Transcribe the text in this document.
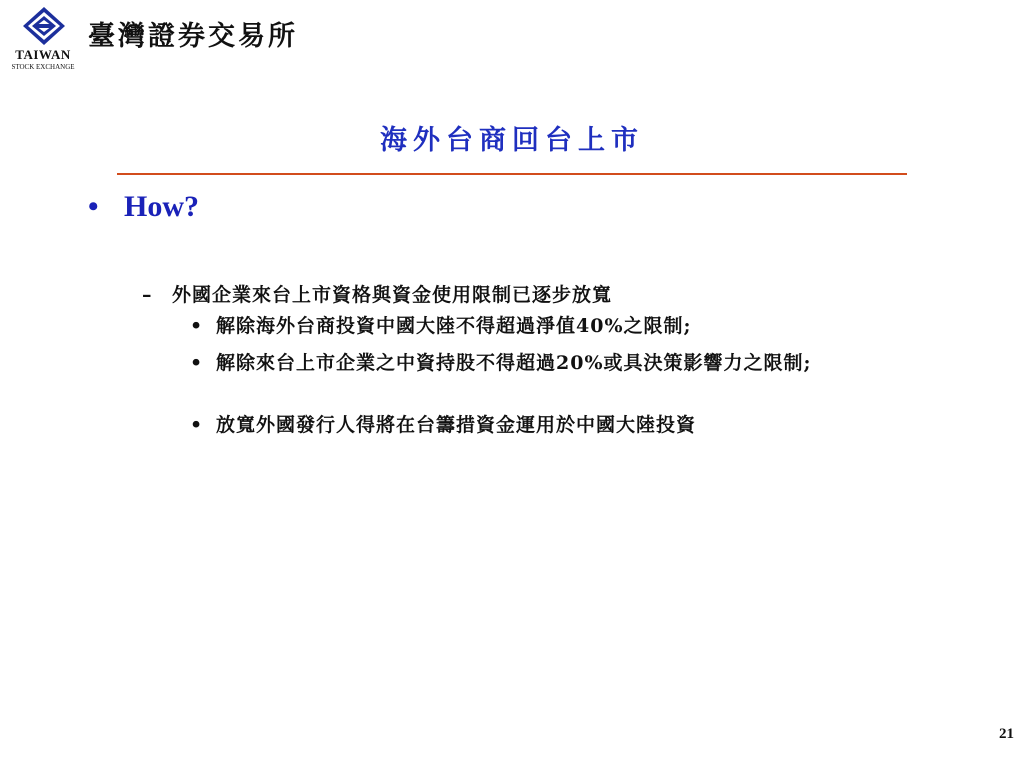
TAIWAN
STOCK EXCHANGE
臺灣證券交易所
海外台商回台上市
• How?
– 外國企業來台上市資格與資金使用限制已逐步放寬
• 解除海外台商投資中國大陸不得超過淨值40%之限制;
• 解除來台上市企業之中資持股不得超過20%或具決策影響力之限制;
• 放寬外國發行人得將在台籌措資金運用於中國大陸投資
21
